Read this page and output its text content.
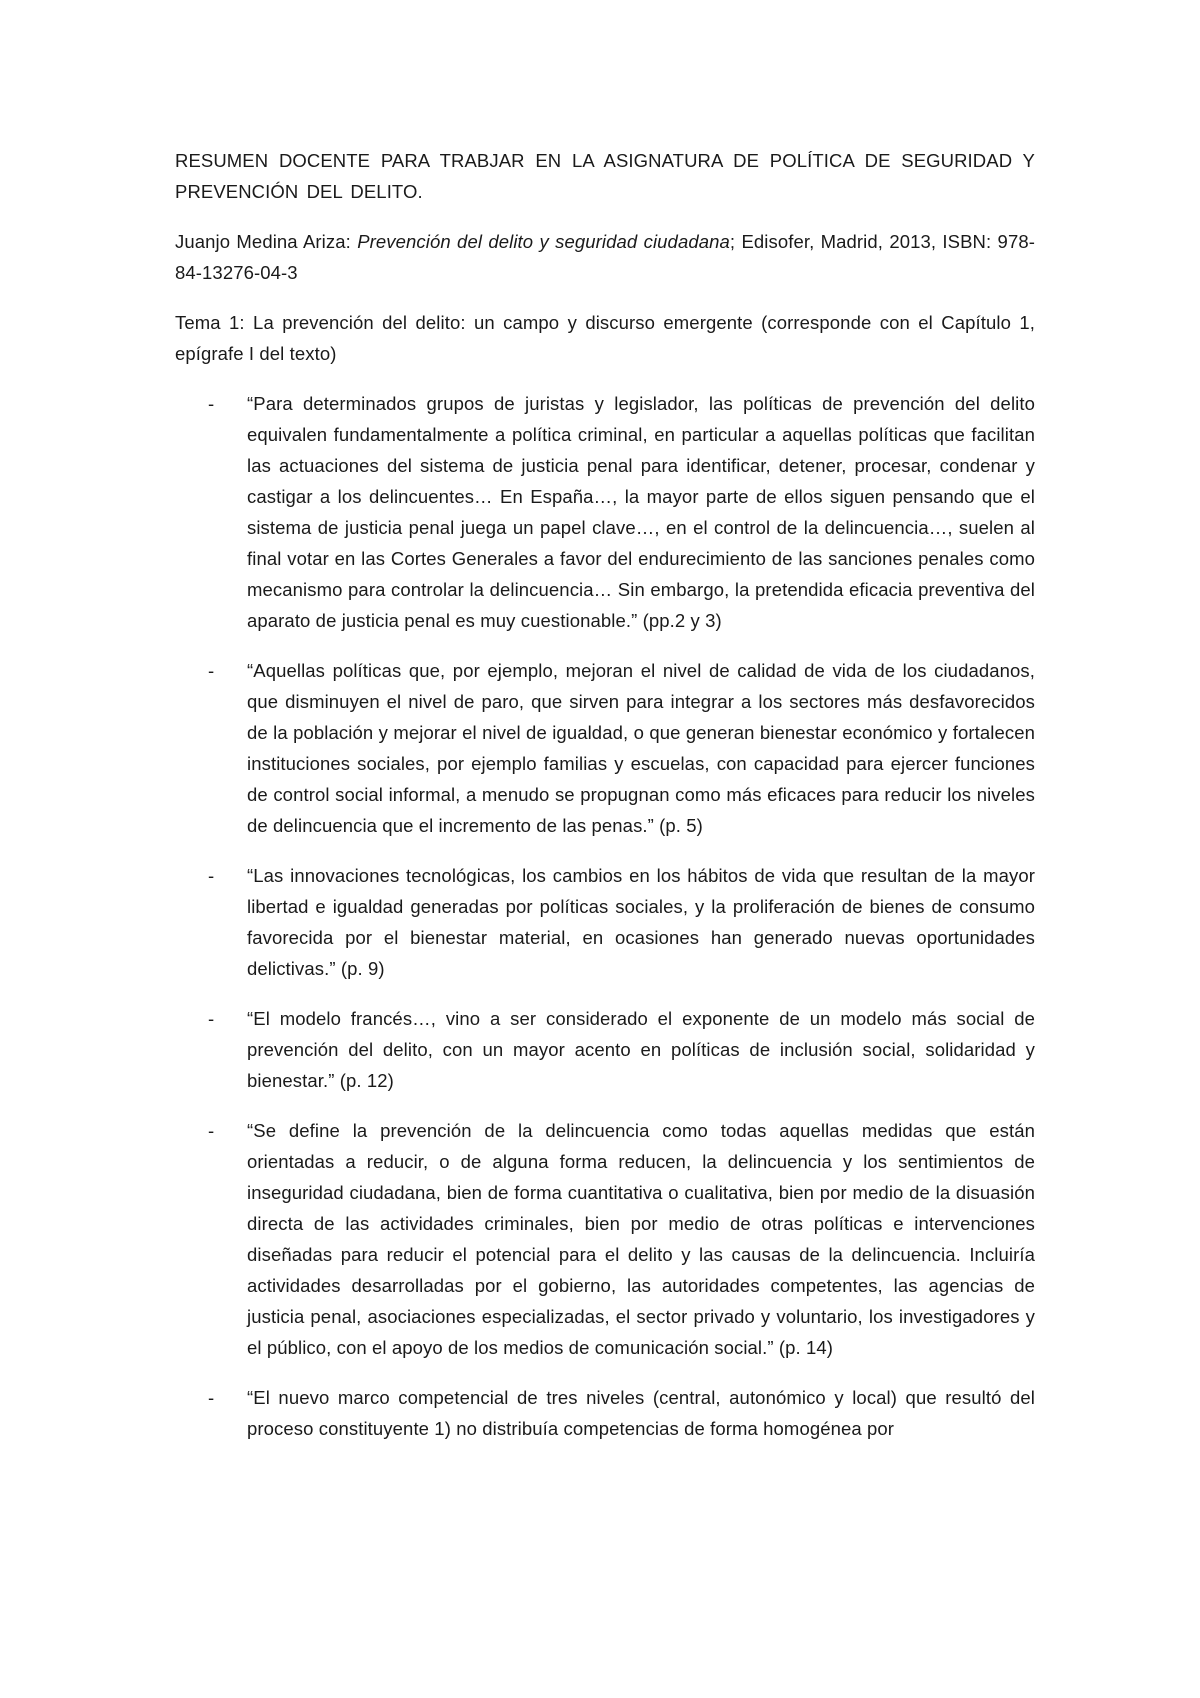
RESUMEN DOCENTE PARA TRABJAR EN LA ASIGNATURA DE POLÍTICA DE SEGURIDAD Y PREVENCIÓN DEL DELITO.

Juanjo Medina Ariza: Prevención del delito y seguridad ciudadana; Edisofer, Madrid, 2013, ISBN: 978-84-13276-04-3

Tema 1: La prevención del delito: un campo y discurso emergente (corresponde con el Capítulo 1, epígrafe I del texto)

- “Para determinados grupos de juristas y legislador, las políticas de prevención del delito equivalen fundamentalmente a política criminal, en particular a aquellas políticas que facilitan las actuaciones del sistema de justicia penal para identificar, detener, procesar, condenar y castigar a los delincuentes… En España…, la mayor parte de ellos siguen pensando que el sistema de justicia penal juega un papel clave…, en el control de la delincuencia…, suelen al final votar en las Cortes Generales a favor del endurecimiento de las sanciones penales como mecanismo para controlar la delincuencia… Sin embargo, la pretendida eficacia preventiva del aparato de justicia penal es muy cuestionable.” (pp.2 y 3)
- “Aquellas políticas que, por ejemplo, mejoran el nivel de calidad de vida de los ciudadanos, que disminuyen el nivel de paro, que sirven para integrar a los sectores más desfavorecidos de la población y mejorar el nivel de igualdad, o que generan bienestar económico y fortalecen instituciones sociales, por ejemplo familias y escuelas, con capacidad para ejercer funciones de control social informal, a menudo se propugnan como más eficaces para reducir los niveles de delincuencia que el incremento de las penas.” (p. 5)
- “Las innovaciones tecnológicas, los cambios en los hábitos de vida que resultan de la mayor libertad e igualdad generadas por políticas sociales, y la proliferación de bienes de consumo favorecida por el bienestar material, en ocasiones han generado nuevas oportunidades delictivas.” (p. 9)
- “El modelo francés…, vino a ser considerado el exponente de un modelo más social de prevención del delito, con un mayor acento en políticas de inclusión social, solidaridad y bienestar.” (p. 12)
- “Se define la prevención de la delincuencia como todas aquellas medidas que están orientadas a reducir, o de alguna forma reducen, la delincuencia y los sentimientos de inseguridad ciudadana, bien de forma cuantitativa o cualitativa, bien por medio de la disuasión directa de las actividades criminales, bien por medio de otras políticas e intervenciones diseñadas para reducir el potencial para el delito y las causas de la delincuencia. Incluiría actividades desarrolladas por el gobierno, las autoridades competentes, las agencias de justicia penal, asociaciones especializadas, el sector privado y voluntario, los investigadores y el público, con el apoyo de los medios de comunicación social.” (p. 14)
- “El nuevo marco competencial de tres niveles (central, autonómico y local) que resultó del proceso constituyente 1) no distribuía competencias de forma homogénea por
